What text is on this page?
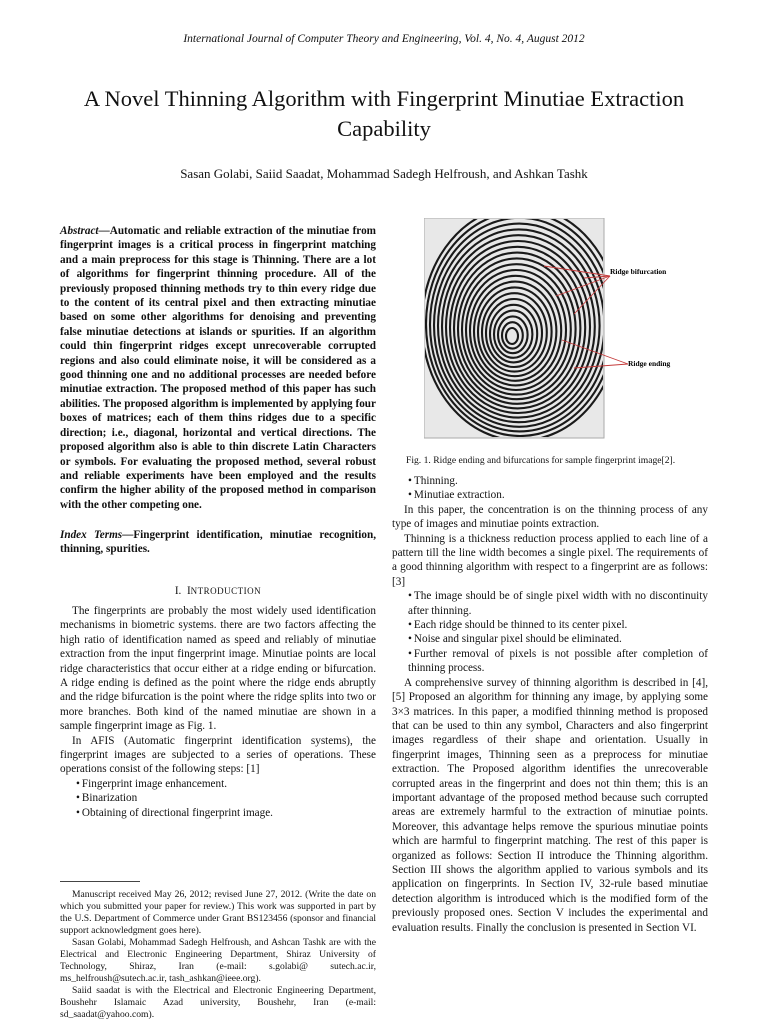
International Journal of Computer Theory and Engineering, Vol. 4, No. 4, August 2012
A Novel Thinning Algorithm with Fingerprint Minutiae Extraction Capability
Sasan Golabi, Saiid Saadat, Mohammad Sadegh Helfroush, and Ashkan Tashk
Abstract—Automatic and reliable extraction of the minutiae from fingerprint images is a critical process in fingerprint matching and a main preprocess for this stage is Thinning. There are a lot of algorithms for fingerprint thinning procedure. All of the previously proposed thinning methods try to thin every ridge due to the content of its central pixel and then extracting minutiae based on some other algorithms for denoising and preventing false minutiae detections at islands or spurities. If an algorithm could thin fingerprint ridges except unrecoverable corrupted regions and also could eliminate noise, it will be considered as a good thinning one and no additional processes are needed before minutiae extraction. The proposed method of this paper has such abilities. The proposed algorithm is implemented by applying four boxes of matrices; each of them thins ridges due to a specific direction; i.e., diagonal, horizontal and vertical directions. The proposed algorithm also is able to thin discrete Latin Characters or symbols. For evaluating the proposed method, several robust and reliable experiments have been employed and the results confirm the higher ability of the proposed method in comparison with the other competing one.
Index Terms—Fingerprint identification, minutiae recognition, thinning, spurities.
I. INTRODUCTION

The fingerprints are probably the most widely used identification mechanisms in biometric systems. there are two factors affecting the high ratio of identification named as speed and reliably of minutiae extraction from the input fingerprint image. Minutiae points are local ridge characteristics that occur either at a ridge ending or bifurcation. A ridge ending is defined as the point where the ridge ends abruptly and the ridge bifurcation is the point where the ridge splits into two or more branches. Both kind of the named minutiae are shown in a sample fingerprint image as Fig. 1.

In AFIS (Automatic fingerprint identification systems), the fingerprint images are subjected to a series of operations. These operations consist of the following steps: [1]

• Fingerprint image enhancement.
• Binarization
• Obtaining of directional fingerprint image.

Manuscript received May 26, 2012; revised June 27, 2012. (Write the date on which you submitted your paper for review.) This work was supported in part by the U.S. Department of Commerce under Grant BS123456 (sponsor and financial support acknowledgment goes here).

Sasan Golabi, Mohammad Sadegh Helfroush, and Ashcan Tashk are with the Electrical and Electronic Engineering Department, Shiraz University of Technology, Shiraz, Iran (e-mail: s.golabi@ sutech.ac.ir, ms_helfroush@sutech.ac.ir, tash_ashkan@ieee.org).

Saiid saadat is with the Electrical and Electronic Engineering Department, Boushehr Islamaic Azad university, Boushehr, Iran (e-mail: sd_saadat@yahoo.com).

Ridge bifurcation
Ridge ending
Fig. 1. Ridge ending and bifurcations for sample fingerprint image[2].
• Thinning.
• Minutiae extraction.

In this paper, the concentration is on the thinning process of any type of images and minutiae points extraction.

Thinning is a thickness reduction process applied to each line of a pattern till the line width becomes a single pixel. The requirements of a good thinning algorithm with respect to a fingerprint are as follows: [3]

• The image should be of single pixel width with no discontinuity after thinning.
• Each ridge should be thinned to its center pixel.
• Noise and singular pixel should be eliminated.
• Further removal of pixels is not possible after completion of thinning process.

A comprehensive survey of thinning algorithm is described in [4], [5] Proposed an algorithm for thinning any image, by applying some 3×3 matrices. In this paper, a modified thinning method is proposed that can be used to thin any symbol, Characters and also fingerprint images regardless of their shape and orientation. Usually in fingerprint images, Thinning seen as a preprocess for minutiae extraction. The Proposed algorithm identifies the unrecoverable corrupted areas in the fingerprint and does not thin them; this is an important advantage of the proposed method because such corrupted areas are extremely harmful to the extraction of minutiae points. Moreover, this advantage helps remove the spurious minutiae points which are harmful to fingerprint matching. The rest of this paper is organized as follows: Section II introduce the Thinning algorithm. Section III shows the algorithm applied to various symbols and its application on fingerprints. In Section IV, 32-rule based minutiae detection algorithm is introduced which is the modified form of the previously proposed ones. Section V includes the experimental and evaluation results. Finally the conclusion is presented in Section VI.
